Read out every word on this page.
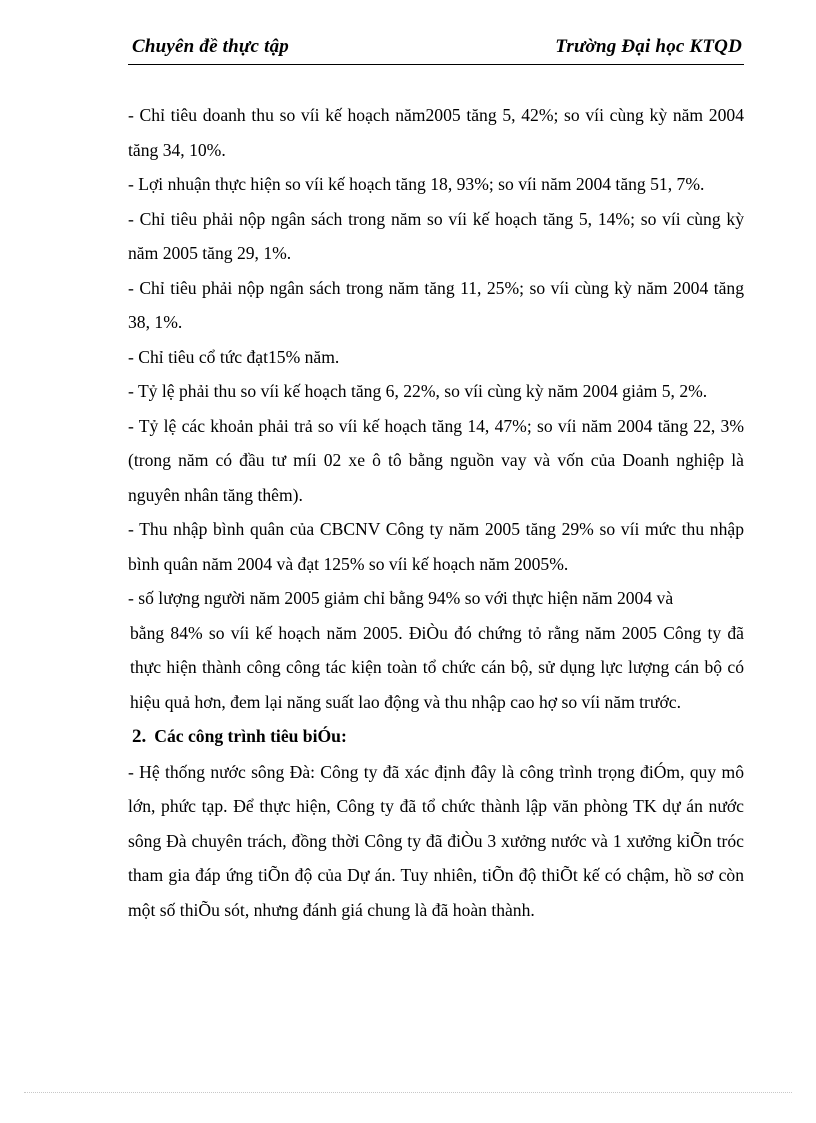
Chuyên đề thực tập	Trường Đại học KTQD

- Chỉ tiêu doanh thu so víi kế hoạch năm2005 tăng 5, 42%; so víi cùng kỳ năm 2004 tăng 34, 10%.

- Lợi nhuận thực hiện so víi kế hoạch tăng 18, 93%; so víi năm 2004 tăng 51, 7%.

- Chỉ tiêu phải nộp ngân sách trong năm so víi kế hoạch tăng 5, 14%; so víi cùng kỳ năm 2005 tăng 29, 1%.

- Chỉ tiêu phải nộp ngân sách trong năm tăng 11, 25%; so víi cùng kỳ năm 2004 tăng 38, 1%.

- Chỉ tiêu cổ tức đạt15% năm.

- Tỷ lệ phải thu so víi kế hoạch tăng 6, 22%, so víi cùng kỳ năm 2004 giảm 5, 2%.

- Tỷ lệ các khoản phải trả so víi kế hoạch tăng 14, 47%; so víi năm 2004 tăng 22, 3% (trong năm có đầu tư míi 02 xe ô tô bằng nguồn vay và vốn của Doanh nghiệp là nguyên nhân tăng thêm).

- Thu nhập bình quân của CBCNV Công ty năm 2005 tăng 29% so víi mức thu nhập bình quân năm 2004 và đạt 125% so víi kế hoạch năm 2005%.

- số lượng người năm 2005 giảm chỉ bằng 94% so với thực hiện năm 2004 và

bằng 84% so víi kế hoạch năm 2005. ĐiÒu đó chứng tỏ rằng năm 2005 Công ty đã thực hiện thành công công tác kiện toàn tổ chức cán bộ, sử dụng lực lượng cán bộ có hiệu quả hơn, đem lại năng suất lao động và thu nhập cao hợ so víi năm trước.

2. Các công trình tiêu biÓu:

- Hệ thống nước sông Đà: Công ty đã xác định đây là công trình trọng điÓm, quy mô lớn, phức tạp. Để thực hiện, Công ty đã tổ chức thành lập văn phòng TK dự án nước sông Đà chuyên trách, đồng thời Công ty đã điÒu 3 xưởng nước và 1 xưởng kiÕn tróc tham gia đáp ứng tiÕn độ của Dự án. Tuy nhiên, tiÕn độ thiÕt kế có chậm, hồ sơ còn một số thiÕu sót, nhưng đánh giá chung là đã hoàn thành.
